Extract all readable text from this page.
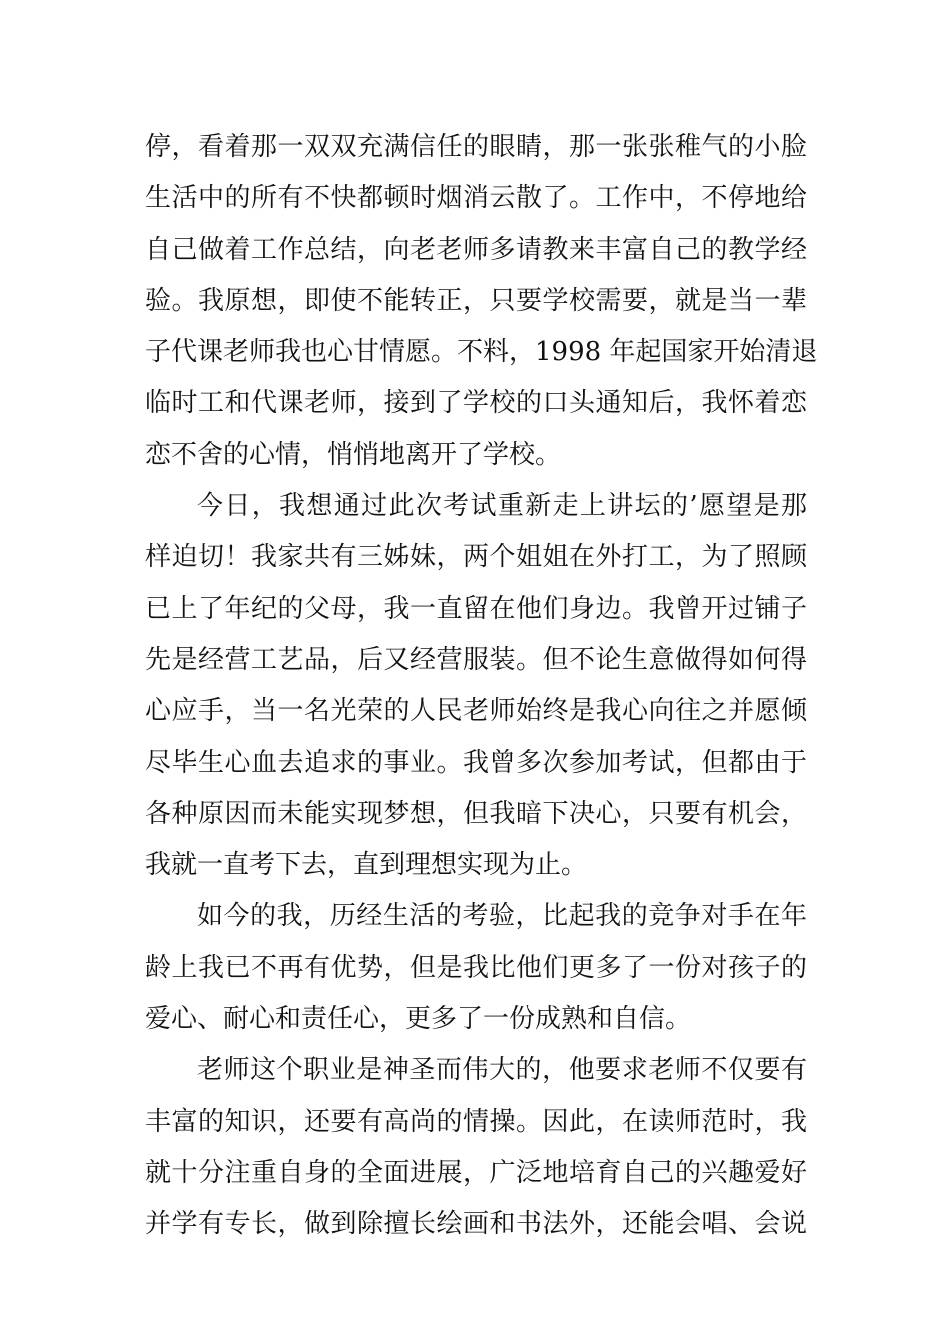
停，看着那一双双充满信任的眼睛，那一张张稚气的小脸
生活中的所有不快都顿时烟消云散了。工作中，不停地给
自己做着工作总结，向老老师多请教来丰富自己的教学经
验。我原想，即使不能转正，只要学校需要，就是当一辈
子代课老师我也心甘情愿。不料，1998 年起国家开始清退
临时工和代课老师，接到了学校的口头通知后，我怀着恋
恋不舍的心情，悄悄地离开了学校。
今日，我想通过此次考试重新走上讲坛的’愿望是那
样迫切！我家共有三姊妹，两个姐姐在外打工，为了照顾
已上了年纪的父母，我一直留在他们身边。我曾开过铺子
先是经营工艺品，后又经营服装。但不论生意做得如何得
心应手，当一名光荣的人民老师始终是我心向往之并愿倾
尽毕生心血去追求的事业。我曾多次参加考试，但都由于
各种原因而未能实现梦想，但我暗下决心，只要有机会，
我就一直考下去，直到理想实现为止。
如今的我，历经生活的考验，比起我的竞争对手在年
龄上我已不再有优势，但是我比他们更多了一份对孩子的
爱心、耐心和责任心，更多了一份成熟和自信。
老师这个职业是神圣而伟大的，他要求老师不仅要有
丰富的知识，还要有高尚的情操。因此，在读师范时，我
就十分注重自身的全面进展，广泛地培育自己的兴趣爱好
并学有专长，做到除擅长绘画和书法外，还能会唱、会说
